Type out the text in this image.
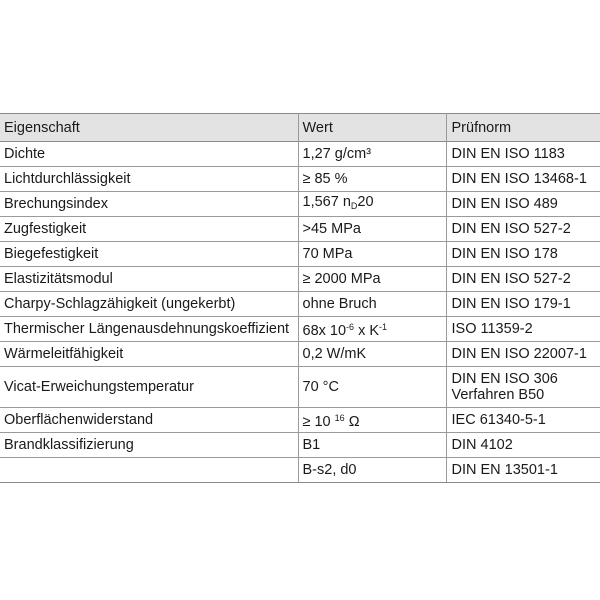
Eigenschaft	Wert	Prüfnorm
Dichte	1,27 g/cm³	DIN EN ISO 1183
Lichtdurchlässigkeit	≥ 85 %	DIN EN ISO 13468-1
Brechungsindex	1,567 $n_D20$	DIN EN ISO 489
Zugfestigkeit	>45 MPa	DIN EN ISO 527-2
Biegefestigkeit	70 MPa	DIN EN ISO 178
Elastizitätsmodul	≥ 2000 MPa	DIN EN ISO 527-2
Charpy-Schlagzähigkeit (ungekerbt)	ohne Bruch	DIN EN ISO 179-1
Thermischer Längenausdehnungskoeffizient	68x $10^{-6}$ x $K^{-1}$	ISO 11359-2
Wärmeleitfähigkeit	0,2 W/mK	DIN EN ISO 22007-1
Vicat-Erweichungstemperatur	70 °C	DIN EN ISO 306
Verfahren B50

Oberflächenwiderstand	≥ 10 $^{16}$ Ω	IEC 61340-5-1
Brandklassifizierung	B1	DIN 4102
	B-s2, d0	DIN EN 13501-1
